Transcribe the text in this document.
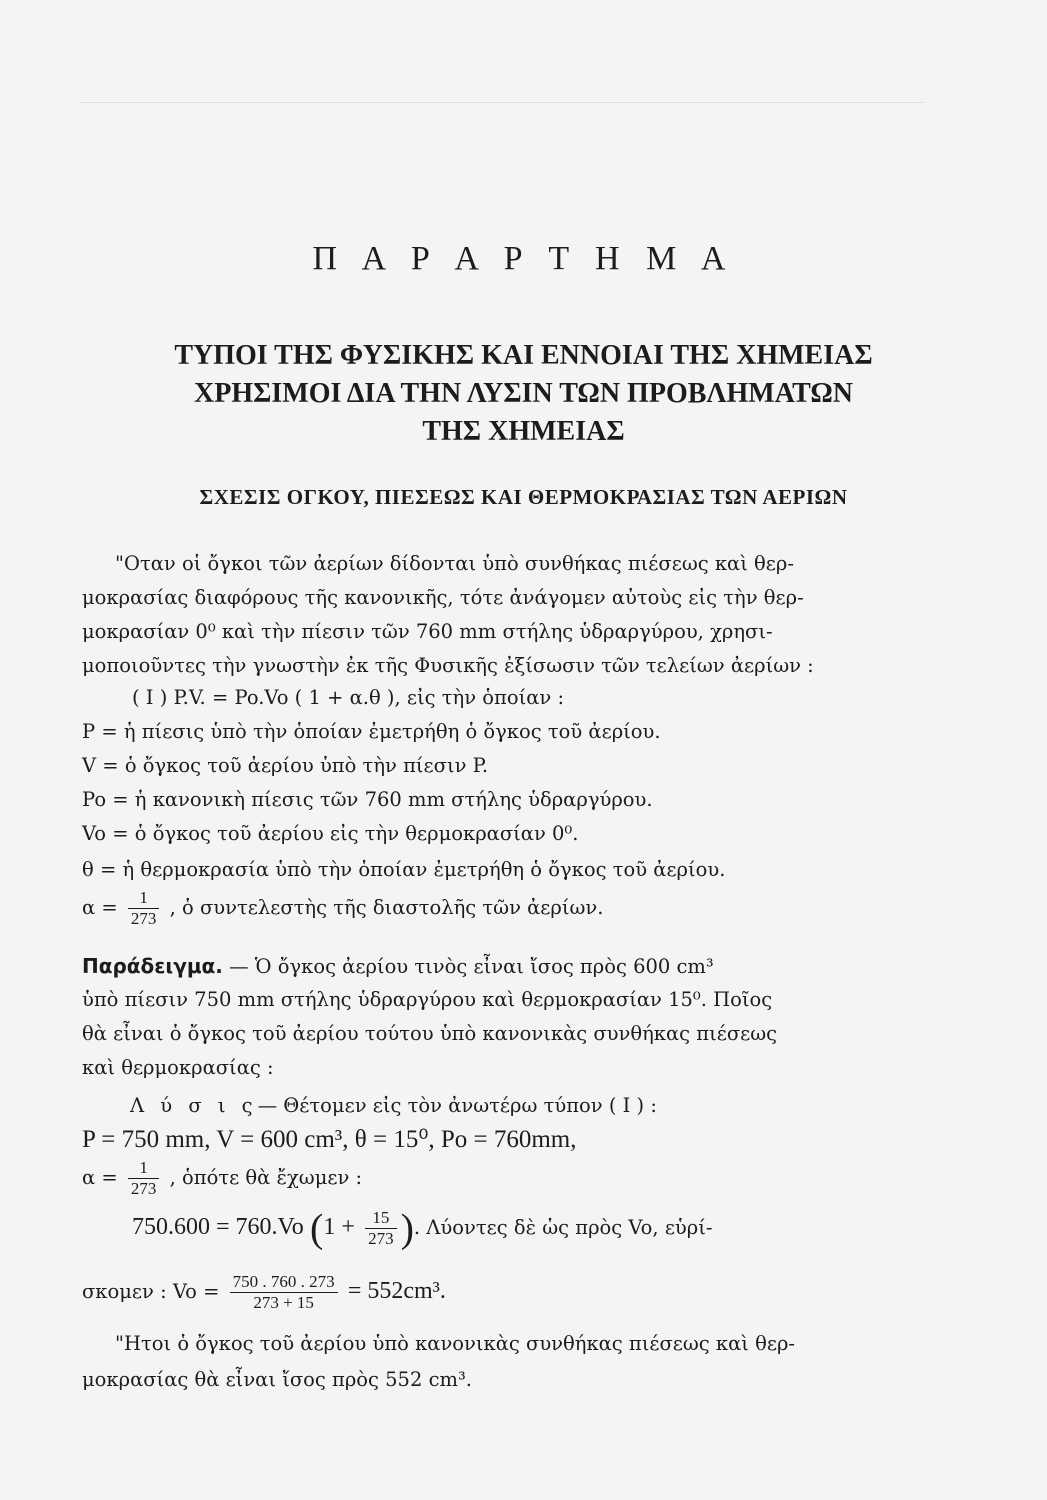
Π Α Ρ Α Ρ Τ Η Μ Α
ΤΥΠΟΙ ΤΗΣ ΦΥΣΙΚΗΣ ΚΑΙ ΕΝΝΟΙΑΙ ΤΗΣ ΧΗΜΕΙΑΣ
ΧΡΗΣΙΜΟΙ ΔΙΑ ΤΗΝ ΛΥΣΙΝ ΤΩΝ ΠΡΟΒΛΗΜΑΤΩΝ
ΤΗΣ ΧΗΜΕΙΑΣ
ΣΧΕΣΙΣ ΟΓΚΟΥ, ΠΙΕΣΕΩΣ ΚΑΙ ΘΕΡΜΟΚΡΑΣΙΑΣ ΤΩΝ ΑΕΡΙΩΝ
"Οταν οἱ ὄγκοι τῶν ἀερίων δίδονται ὑπὸ συνθήκας πιέσεως καὶ θερ-
μοκρασίας διαφόρους τῆς κανονικῆς, τότε ἀνάγομεν αὐτοὺς εἰς τὴν θερ-
μοκρασίαν 0⁰ καὶ τὴν πίεσιν τῶν 760 mm στήλης ὑδραργύρου, χρησι-
μοποιοῦντες τὴν γνωστὴν ἐκ τῆς Φυσικῆς ἐξίσωσιν τῶν τελείων ἀερίων :
( I ) P.V. = Po.Vo ( 1 + α.θ ), εἰς τὴν ὁποίαν :
P = ἡ πίεσις ὑπὸ τὴν ὁποίαν ἐμετρήθη ὁ ὄγκος τοῦ ἀερίου.
V = ὁ ὄγκος τοῦ ἀερίου ὑπὸ τὴν πίεσιν P.
Po = ἡ κανονικὴ πίεσις τῶν 760 mm στήλης ὑδραργύρου.
Vo = ὁ ὄγκος τοῦ ἀερίου εἰς τὴν θερμοκρασίαν 0⁰.
θ = ἡ θερμοκρασία ὑπὸ τὴν ὁποίαν ἐμετρήθη ὁ ὄγκος τοῦ ἀερίου.
$\alpha = \frac{1}{273}$ , ὁ συντελεστὴς τῆς διαστολῆς τῶν ἀερίων.
Παράδειγμα. — Ὁ ὄγκος ἀερίου τινὸς εἶναι ἴσος πρὸς 600 cm³
ὑπὸ πίεσιν 750 mm στήλης ὑδραργύρου καὶ θερμοκρασίαν 15⁰. Ποῖος
θὰ εἶναι ὁ ὄγκος τοῦ ἀερίου τούτου ὑπὸ κανονικὰς συνθήκας πιέσεως
καὶ θερμοκρασίας :
Λ ύ σ ι ς— Θέτομεν εἰς τὸν ἀνωτέρω τύπον ( I ) :
P = 750 mm, V = 600 cm³, θ = 15⁰, Po = 760mm,
$\alpha = \frac{1}{273}$ , ὁπότε θὰ ἔχωμεν :
750.600 = 760.Vo ($1 + \frac{15}{273}$ ). Λύοντες δὲ ὡς πρὸς Vo, εὑρί-
σκομεν : $Vo = \frac{750 . 760 . 273}{273 + 15} = 552cm^3$.
"Ητοι ὁ ὄγκος τοῦ ἀερίου ὑπὸ κανονικὰς συνθήκας πιέσεως καὶ θερ-
μοκρασίας θὰ εἶναι ἴσος πρὸς 552 cm³.
